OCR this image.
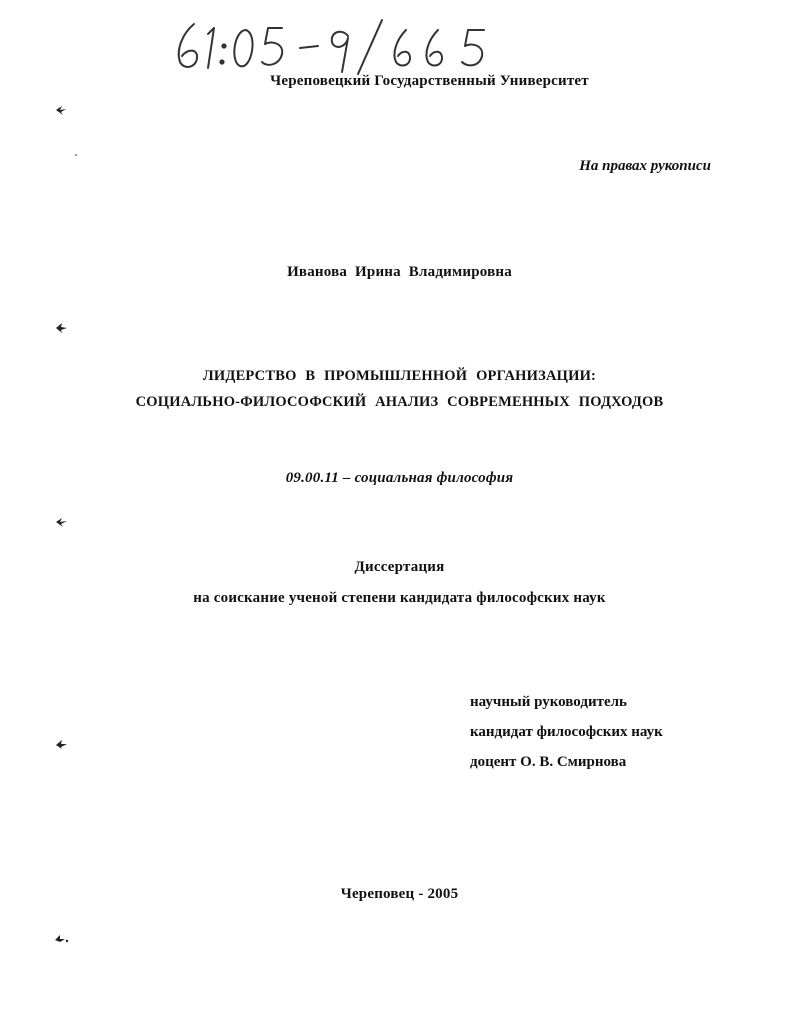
Череповецкий Государственный Университет
На правах рукописи
Иванова Ирина Владимировна
ЛИДЕРСТВО В ПРОМЫШЛЕННОЙ ОРГАНИЗАЦИИ:
СОЦИАЛЬНО-ФИЛОСОФСКИЙ АНАЛИЗ СОВРЕМЕННЫХ ПОДХОДОВ
09.00.11 – социальная философия
Диссертация
на соискание ученой степени кандидата философских наук
научный руководитель
кандидат философских наук
доцент О. В. Смирнова
Череповец - 2005
